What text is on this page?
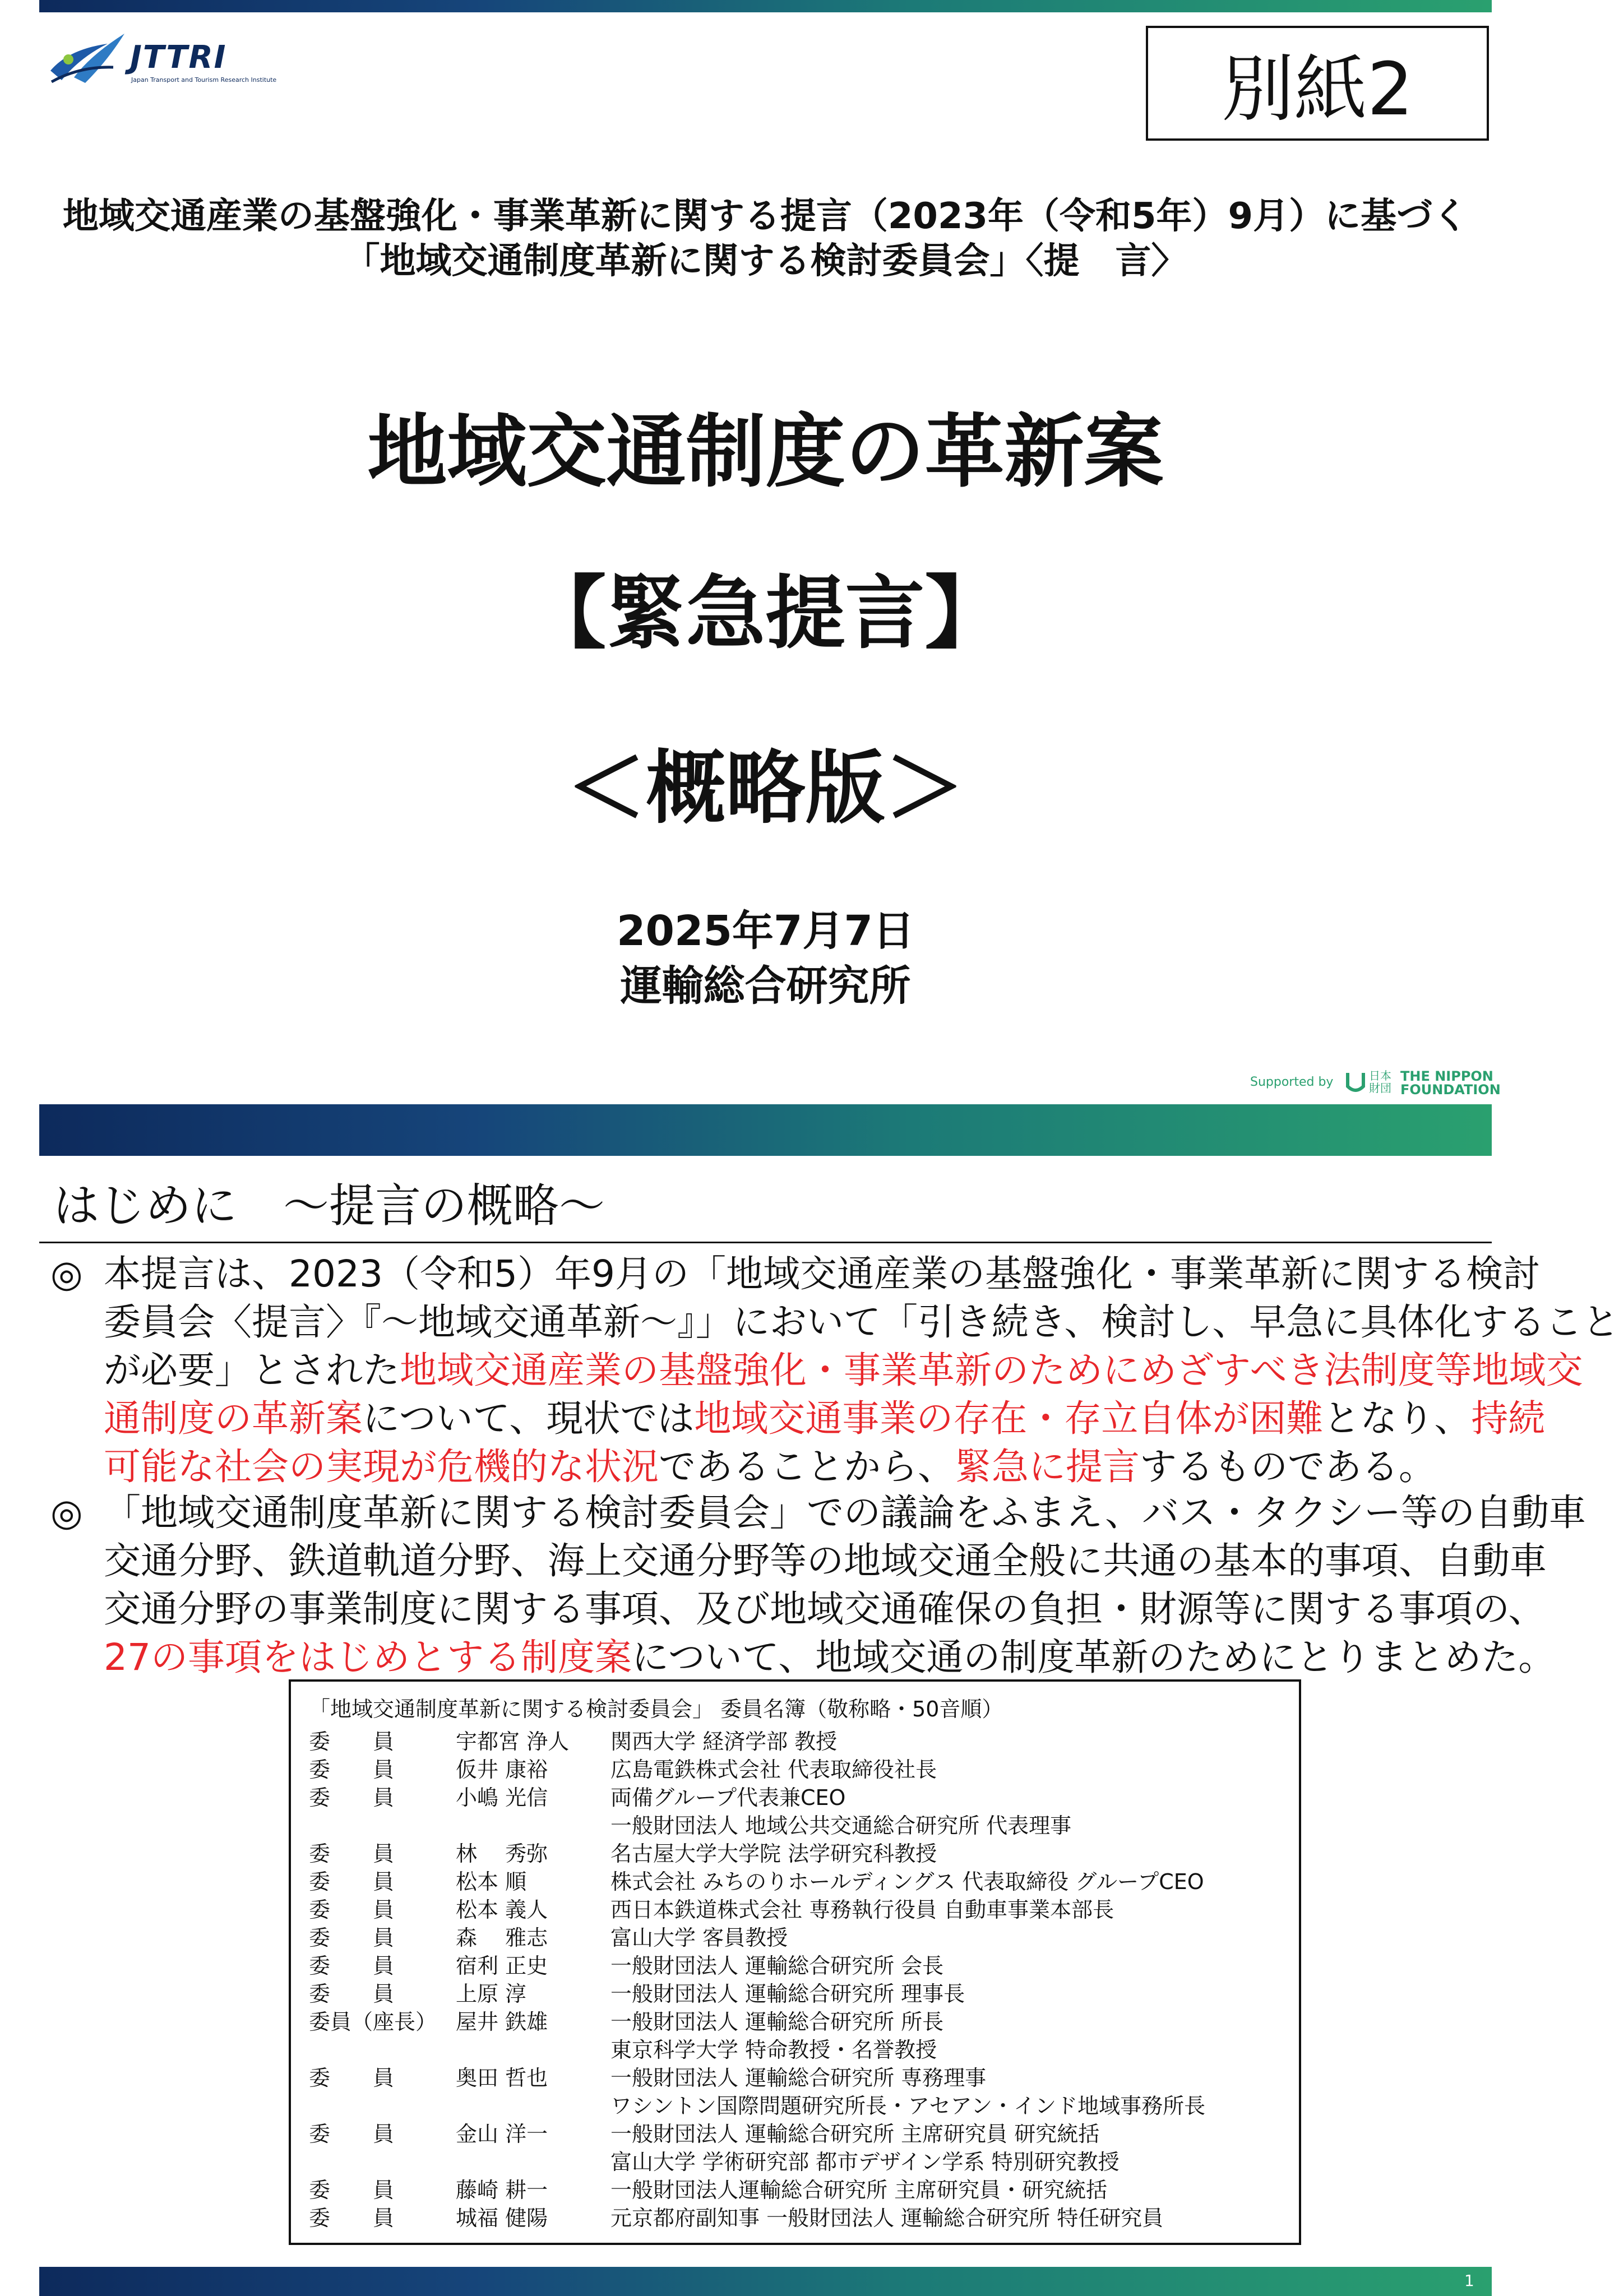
JTTRI
Japan Transport and Tourism Research Institute	別紙2
地域交通産業の基盤強化・事業革新に関する提言（2023年（令和5年）9月）に基づく
「地域交通制度革新に関する検討委員会」〈提　言〉
地域交通制度の革新案
【緊急提言】
＜概略版＞
2025年7月7日
運輸総合研究所
Supported by	日本財団
THE NIPPON
FOUNDATION
はじめに　～提言の概略～
◎ 本提言は、2023（令和5）年9月の「地域交通産業の基盤強化・事業革新に関する検討
委員会〈提言〉『～地域交通革新～』」において「引き続き、検討し、早急に具体化すること
が必要」とされた地域交通産業の基盤強化・事業革新のためにめざすべき法制度等地域交
通制度の革新案について、現状では地域交通事業の存在・存立自体が困難となり、持続
可能な社会の実現が危機的な状況であることから、緊急に提言するものである。
◎ 「地域交通制度革新に関する検討委員会」での議論をふまえ、バス・タクシー等の自動車
交通分野、鉄道軌道分野、海上交通分野等の地域交通全般に共通の基本的事項、自動車
交通分野の事業制度に関する事項、及び地域交通確保の負担・財源等に関する事項の、
27の事項をはじめとする制度案について、地域交通の制度革新のためにとりまとめた。
「地域交通制度革新に関する検討委員会」 委員名簿（敬称略・50音順）
委　　員	宇都宮 浄人	関西大学 経済学部 教授
委　　員	仮井 康裕	広島電鉄株式会社 代表取締役社長
委　　員	小嶋 光信	両備グループ代表兼CEO
一般財団法人 地域公共交通総合研究所 代表理事
委　　員	林　 秀弥	名古屋大学大学院 法学研究科教授
委　　員	松本 順	株式会社 みちのりホールディングス 代表取締役 グループCEO
委　　員	松本 義人	西日本鉄道株式会社 専務執行役員 自動車事業本部長
委　　員	森　 雅志	富山大学 客員教授
委　　員	宿利 正史	一般財団法人 運輸総合研究所 会長
委　　員	上原 淳	一般財団法人 運輸総合研究所 理事長
委員（座長） 屋井 鉄雄	一般財団法人 運輸総合研究所 所長
東京科学大学 特命教授・名誉教授
委　　員	奥田 哲也	一般財団法人 運輸総合研究所 専務理事
ワシントン国際問題研究所長・アセアン・インド地域事務所長
委　　員	金山 洋一	一般財団法人 運輸総合研究所 主席研究員 研究統括
富山大学 学術研究部 都市デザイン学系 特別研究教授
委　　員	藤崎 耕一	一般財団法人運輸総合研究所 主席研究員・研究統括
委　　員	城福 健陽	元京都府副知事 一般財団法人 運輸総合研究所 特任研究員
1
